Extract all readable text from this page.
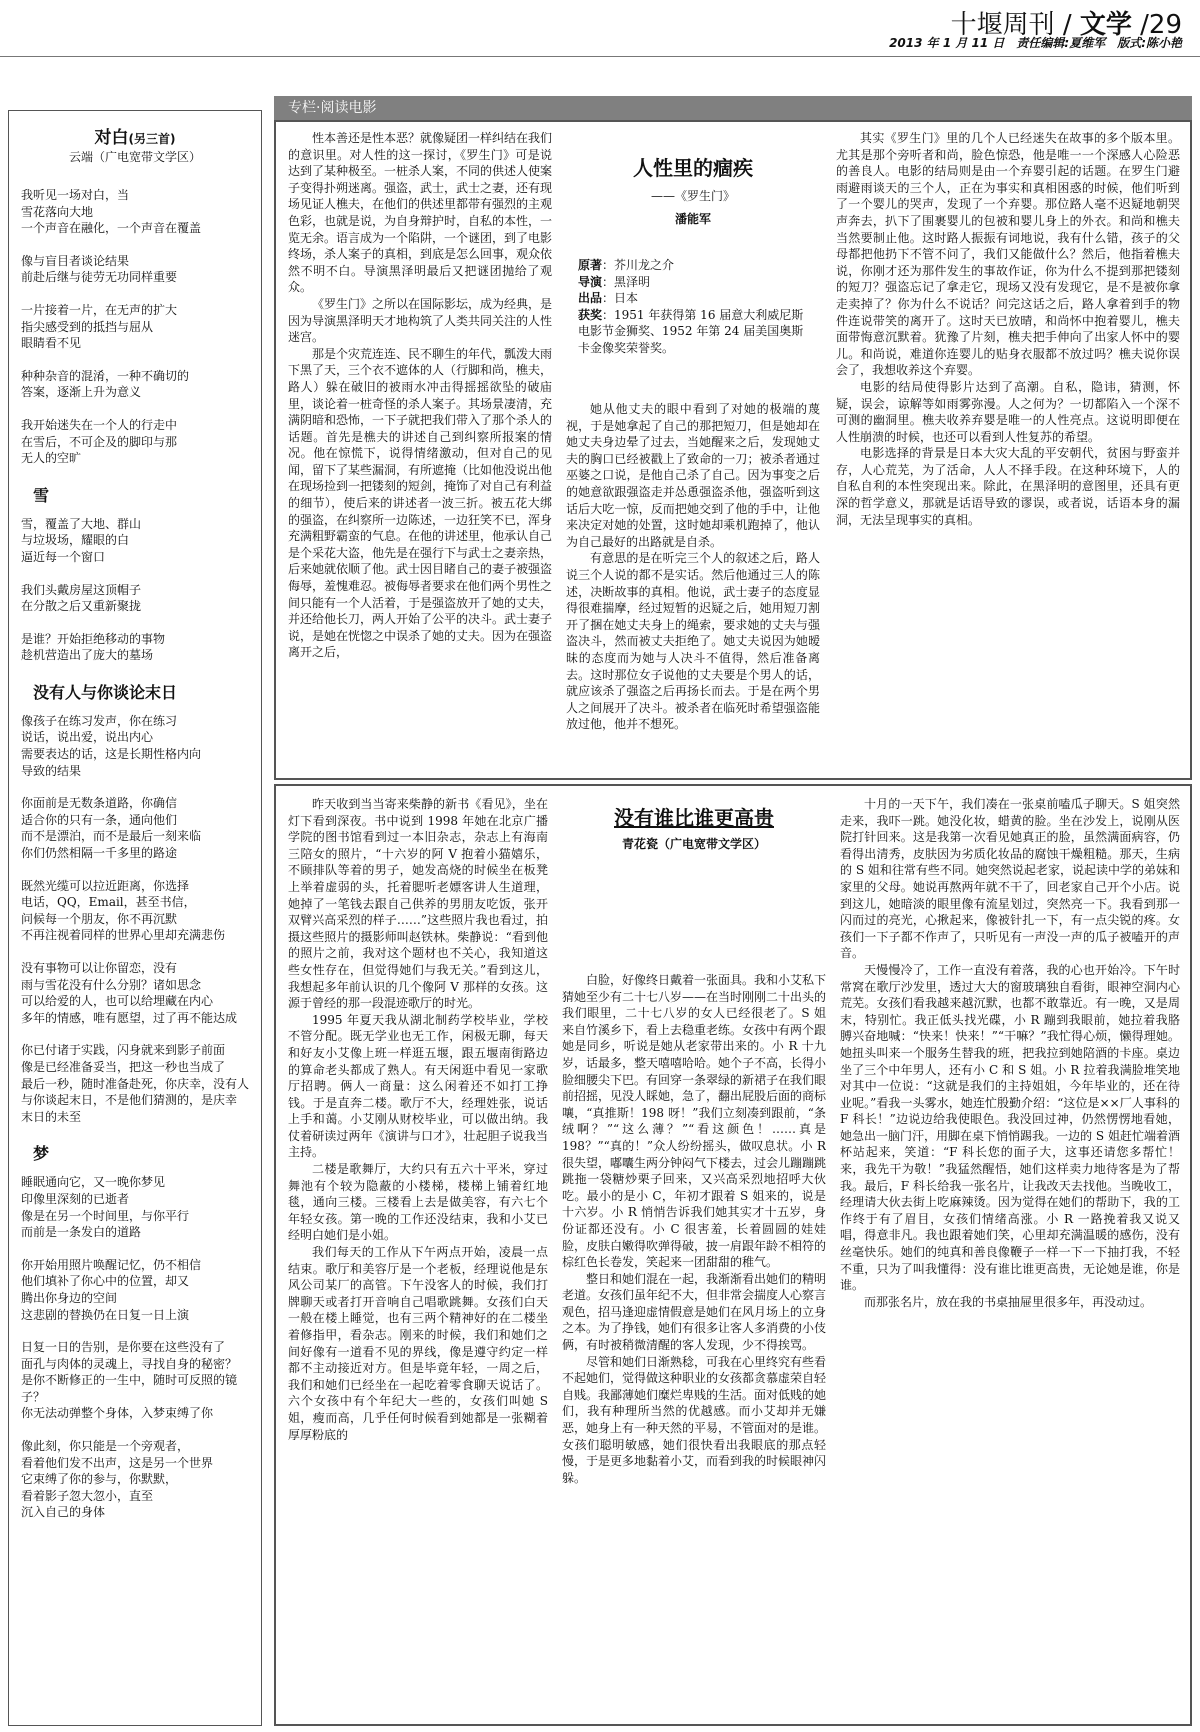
十堰周刊 / 文学 /29
2013 年 1 月 11 日　责任编辑:夏维军　版式:陈小艳
对白(另三首)
云端（广电宽带文学区）
我听见一场对白，当
雪花落向大地
一个声音在融化，一个声音在覆盖
像与盲目者谈论结果
前赴后继与徒劳无功同样重要
一片接着一片，在无声的扩大
指尖感受到的抵挡与屈从
眼睛看不见
种种杂音的混淆，一种不确切的
答案，逐渐上升为意义
我开始迷失在一个人的行走中
在雪后，不可企及的脚印与那
无人的空旷
雪
雪，覆盖了大地、群山
与垃圾场，耀眼的白
逼近每一个窗口
我们头戴房屋这顶帽子
在分散之后又重新聚拢
是谁？开始拒绝移动的事物
趁机营造出了庞大的墓场
没有人与你谈论末日
像孩子在练习发声，你在练习
说话，说出爱，说出内心
需要表达的话，这是长期性格内向
导致的结果
你面前是无数条道路，你确信
适合你的只有一条，通向他们
而不是漂泊，而不是最后一刻来临
你们仍然相隔一千多里的路途
既然光缆可以拉近距离，你选择
电话，QQ，Email，甚至书信，
问候每一个朋友，你不再沉默
不再注视着同样的世界心里却充满悲伤
没有事物可以让你留恋，没有
雨与雪花没有什么分别？诸如思念
可以给爱的人，也可以给埋藏在内心
多年的情感，唯有愿望，过了再不能达成
你已付诸于实践，闪身就来到影子前面
像是已经准备妥当，把这一秒也当成了
最后一秒，随时准备赴死，你庆幸，没有人
与你谈起末日，不是他们猜测的，是庆幸
末日的未至
梦
睡眠通向它，又一晚你梦见
印像里深刻的已逝者
像是在另一个时间里，与你平行
而前是一条发白的道路
你开始用照片唤醒记忆，仍不相信
他们填补了你心中的位置，却又
腾出你身边的空间
这悲剧的替换仍在日复一日上演
日复一日的告别，是你要在这些没有了
面孔与肉体的灵魂上，寻找自身的秘密？
是你不断修正的一生中，随时可反照的镜子？
你无法动弹整个身体，入梦束缚了你
像此刻，你只能是一个旁观者，
看着他们发不出声，这是另一个世界
它束缚了你的参与，你默默，
看着影子忽大忽小，直至
沉入自己的身体
专栏·阅读电影

性本善还是性本恶？就像疑团一样纠结在我们的意识里。对人性的这一探讨，《罗生门》可是说达到了某种极至。一桩杀人案，不同的供述人使案子变得扑朔迷离。强盗，武士，武士之妻，还有现场见证人樵夫，在他们的供述里都带有强烈的主观色彩，也就是说，为自身辩护时，自私的本性，一览无余。语言成为一个陷阱，一个谜团，到了电影终场，杀人案子的真相，到底是怎么回事，观众依然不明不白。导演黑泽明最后又把谜团抛给了观众。

《罗生门》之所以在国际影坛，成为经典，是因为导演黑泽明天才地构筑了人类共同关注的人性迷宫。

那是个灾荒连连、民不聊生的年代，瓢泼大雨下黑了天，三个衣不遮体的人（行脚和尚，樵夫，路人）躲在破旧的被雨水冲击得摇摇欲坠的破庙里，谈论着一桩奇怪的杀人案子。其场景凄清，充满阴暗和恐怖，一下子就把我们带入了那个杀人的话题。首先是樵夫的讲述自己到纠察所报案的情况。他在惊慌下，说得情绪激动，但对自己的见闻，留下了某些漏洞，有所遮掩（比如他没说出他在现场捡到一把镂刻的短剑，掩饰了对自己有利益的细节），使后来的讲述者一波三折。被五花大绑的强盗，在纠察所一边陈述，一边狂笑不已，浑身充满粗野霸蛮的气息。在他的讲述里，他承认自己是个采花大盗，他先是在强行下与武士之妻亲热，后来她就依顺了他。武士因目睹自己的妻子被强盗侮辱，羞愧难忍。被侮辱者要求在他们两个男性之间只能有一个人活着，于是强盗放开了她的丈夫，并还给他长刀，两人开始了公平的决斗。武士妻子说，是她在恍惚之中误杀了她的丈夫。因为在强盗离开之后，

人性里的痼疾
——《罗生门》
潘能军
原著：芥川龙之介
导演：黑泽明
出品：日本
获奖：1951 年获得第 16 届意大利威尼斯电影节金狮奖、1952 年第 24 届美国奥斯卡金像奖荣誉奖。

她从他丈夫的眼中看到了对她的极端的蔑视，于是她拿起了自己的那把短刀，但是她却在她丈夫身边晕了过去，当她醒来之后，发现她丈夫的胸口已经被戳上了致命的一刀；被杀者通过巫婆之口说，是他自己杀了自己。因为事变之后的她意欲跟强盗走并怂恿强盗杀他，强盗听到这话后大吃一惊，反而把她交到了他的手中，让他来决定对她的处置，这时她却乘机跑掉了，他认为自己最好的出路就是自杀。

有意思的是在听完三个人的叙述之后，路人说三个人说的都不是实话。然后他通过三人的陈述，决断故事的真相。他说，武士妻子的态度显得很难揣摩，经过短暂的迟疑之后，她用短刀割开了捆在她丈夫身上的绳索，要求她的丈夫与强盗决斗，然而被丈夫拒绝了。她丈夫说因为她暧昧的态度而为她与人决斗不值得，然后准备离去。这时那位女子说他的丈夫要是个男人的话，就应该杀了强盗之后再扬长而去。于是在两个男人之间展开了决斗。被杀者在临死时希望强盗能放过他，他并不想死。

其实《罗生门》里的几个人已经迷失在故事的多个版本里。尤其是那个旁听者和尚，脸色惊恐，他是唯一一个深感人心险恶的善良人。电影的结局则是由一个弃婴引起的话题。在罗生门避雨避雨谈天的三个人，正在为事实和真相困惑的时候，他们听到了一个婴儿的哭声，发现了一个弃婴。那位路人毫不迟疑地朝哭声奔去，扒下了围裹婴儿的包被和婴儿身上的外衣。和尚和樵夫当然要制止他。这时路人振振有词地说，我有什么错，孩子的父母都把他扔下不管不问了，我们又能做什么？然后，他指着樵夫说，你刚才还为那件发生的事故作证，你为什么不提到那把镂刻的短刀？强盗忘记了拿走它，现场又没有发现它，是不是被你拿走卖掉了？你为什么不说话？问完这话之后，路人拿着到手的物件连说带笑的离开了。这时天已放晴，和尚怀中抱着婴儿，樵夫面带悔意沉默着。犹豫了片刻，樵夫把手伸向了出家人怀中的婴儿。和尚说，难道你连婴儿的贴身衣服都不放过吗？樵夫说你误会了，我想收养这个弃婴。

电影的结局使得影片达到了高潮。自私，隐讳，猜测，怀疑，误会，谅解等如雨雾弥漫。人之何为？一切都陷入一个深不可测的幽洞里。樵夫收养弃婴是唯一的人性亮点。这说明即便在人性崩溃的时候，也还可以看到人性复苏的希望。

电影选择的背景是日本大灾大乱的平安朝代，贫困与野蛮并存，人心荒芜，为了活命，人人不择手段。在这种环境下，人的自私自利的本性突现出来。除此，在黑泽明的意图里，还具有更深的哲学意义，那就是话语导致的谬误，或者说，话语本身的漏洞，无法呈现事实的真相。

昨天收到当当寄来柴静的新书《看见》，坐在灯下看到深夜。书中说到 1998 年她在北京广播学院的图书馆看到过一本旧杂志，杂志上有海南三陪女的照片，“十六岁的阿 V 抱着小猫嬉乐，不顾排队等着的男子，她发高烧的时候坐在板凳上举着虚弱的头，托着腮听老嫖客讲人生道理，她掉了一笔钱去跟自己供养的男朋友吃饭，张开双臂兴高采烈的样子……”这些照片我也看过，拍摄这些照片的摄影师叫赵铁林。柴静说：“看到他的照片之前，我对这个题材也不关心，我知道这些女性存在，但觉得她们与我无关。”看到这儿，我想起多年前认识的几个像阿 V 那样的女孩。这源于曾经的那一段混迹歌厅的时光。

1995 年夏天我从湖北制药学校毕业，学校不管分配。既无学业也无工作，闲极无聊，每天和好友小艾像上班一样逛五堰，跟五堰南街路边的算命老头都成了熟人。有天闲逛中看见一家歌厅招聘。俩人一商量：这么闲着还不如打工挣钱。于是直奔二楼。歌厅不大，经理姓张，说话上手和蔼。小艾刚从财校毕业，可以做出纳。我仗着研读过两年《演讲与口才》，壮起胆子说我当主持。

二楼是歌舞厅，大约只有五六十平米，穿过舞池有个较为隐蔽的小楼梯，楼梯上铺着红地毯，通向三楼。三楼看上去是做美容，有六七个年轻女孩。第一晚的工作还没结束，我和小艾已经明白她们是小姐。

我们每天的工作从下午两点开始，凌晨一点结束。歌厅和美容厅是一个老板，经理说他是东风公司某厂的高管。下午没客人的时候，我们打牌聊天或者打开音响自己唱歌跳舞。女孩们白天一般在楼上睡觉，也有三两个精神好的在二楼坐着修指甲，看杂志。刚来的时候，我们和她们之间好像有一道看不见的界线，像是遵守约定一样都不主动接近对方。但是毕竟年轻，一周之后，我们和她们已经坐在一起吃着零食聊天说话了。六个女孩中有个年纪大一些的，女孩们叫她 S 姐，瘦而高，几乎任何时候看到她都是一张糊着厚厚粉底的

没有谁比谁更高贵
青花瓷（广电宽带文学区）

白脸，好像终日戴着一张面具。我和小艾私下猜她至少有二十七八岁——在当时刚刚二十出头的我们眼里，二十七八岁的女人已经很老了。S 姐来自竹溪乡下，看上去稳重老练。女孩中有两个跟她是同乡，听说是她从老家带出来的。小 R 十九岁，话最多，整天嘻嘻哈哈。她个子不高，长得小脸细腰尖下巴。有回穿一条翠绿的新裙子在我们眼前招摇，见没人睬她，急了，翻出屁股后面的商标嚷，“真推斯！198 呀！”我们立刻凑到跟前，“条绒啊？”“这么薄？”“看这颜色！……真是 198？”“真的！”众人纷纷摇头，做叹息状。小 R 很失望，嘟囔生两分钟闷气下楼去，过会儿蹦蹦跳跳拖一袋糖炒栗子回来，又兴高采烈地招呼大伙吃。最小的是小 C，年初才跟着 S 姐来的，说是十六岁。小 R 悄悄告诉我们她其实才十五岁，身份证都还没有。小 C 很害羞，长着圆圆的娃娃脸，皮肤白嫩得吹弹得破，披一肩跟年龄不相符的棕红色长卷发，笑起来一团甜甜的稚气。

整日和她们混在一起，我渐渐看出她们的精明老道。女孩们虽年纪不大，但非常会揣度人心察言观色，招马逢迎虚情假意是她们在风月场上的立身之本。为了挣钱，她们有很多让客人多消费的小伎俩，有时被稍微清醒的客人发现，少不得挨骂。

尽管和她们日渐熟稔，可我在心里终究有些看不起她们，觉得做这种职业的女孩都贪慕虚荣自轻自贱。我鄙薄她们糜烂卑贱的生活。面对低贱的她们，我有种理所当然的优越感。而小艾却并无嫌恶，她身上有一种天然的平易，不管面对的是谁。女孩们聪明敏感，她们很快看出我眼底的那点轻慢，于是更多地黏着小艾，而看到我的时候眼神闪躲。

十月的一天下午，我们凑在一张桌前嗑瓜子聊天。S 姐突然走来，我吓一跳。她没化妆，蜡黄的脸。坐在沙发上，说刚从医院打针回来。这是我第一次看见她真正的脸，虽然满面病容，仍看得出清秀，皮肤因为劣质化妆品的腐蚀干燥粗糙。那天，生病的 S 姐和往常有些不同。她突然说起老家，说起读中学的弟妹和家里的父母。她说再熬两年就不干了，回老家自己开个小店。说到这儿，她暗淡的眼里像有流星划过，突然亮一下。我看到那一闪而过的亮光，心揪起来，像被针扎一下，有一点尖锐的疼。女孩们一下子都不作声了，只听见有一声没一声的瓜子被嗑开的声音。

天慢慢冷了，工作一直没有着落，我的心也开始冷。下午时常窝在歌厅沙发里，透过大大的窗玻璃独自看街，眼神空洞内心荒芜。女孩们看我越来越沉默，也都不敢靠近。有一晚，又是周末，特别忙。我正低头找光碟，小 R 蹦到我眼前，她拉着我胳膊兴奋地喊：“快来！快来！”“干嘛？”我忙得心烦，懒得理她。她扭头叫来一个服务生替我的班，把我拉到她陪酒的卡座。桌边坐了三个中年男人，还有小 C 和 S 姐。小 R 拉着我满脸堆笑地对其中一位说：“这就是我们的主持姐姐，今年毕业的，还在待业呢。”看我一头雾水，她连忙殷勤介绍：“这位是××厂人事科的 F 科长！”边说边给我使眼色。我没回过神，仍然愣愣地看她，她急出一脑门汗，用脚在桌下悄悄踢我。一边的 S 姐赶忙端着酒杯站起来，笑道：“F 科长您的面子大，这事还请您多帮忙！来，我先干为敬！”我猛然醒悟，她们这样卖力地待客是为了帮我。最后，F 科长给我一张名片，让我改天去找他。当晚收工，经理请大伙去街上吃麻辣烫。因为觉得在她们的帮助下，我的工作终于有了眉目，女孩们情绪高涨。小 R 一路挽着我又说又唱，得意非凡。我也跟着她们笑，心里却充满温暖的感伤，没有丝毫快乐。她们的纯真和善良像鞭子一样一下一下抽打我，不轻不重，只为了叫我懂得：没有谁比谁更高贵，无论她是谁，你是谁。

而那张名片，放在我的书桌抽屉里很多年，再没动过。
